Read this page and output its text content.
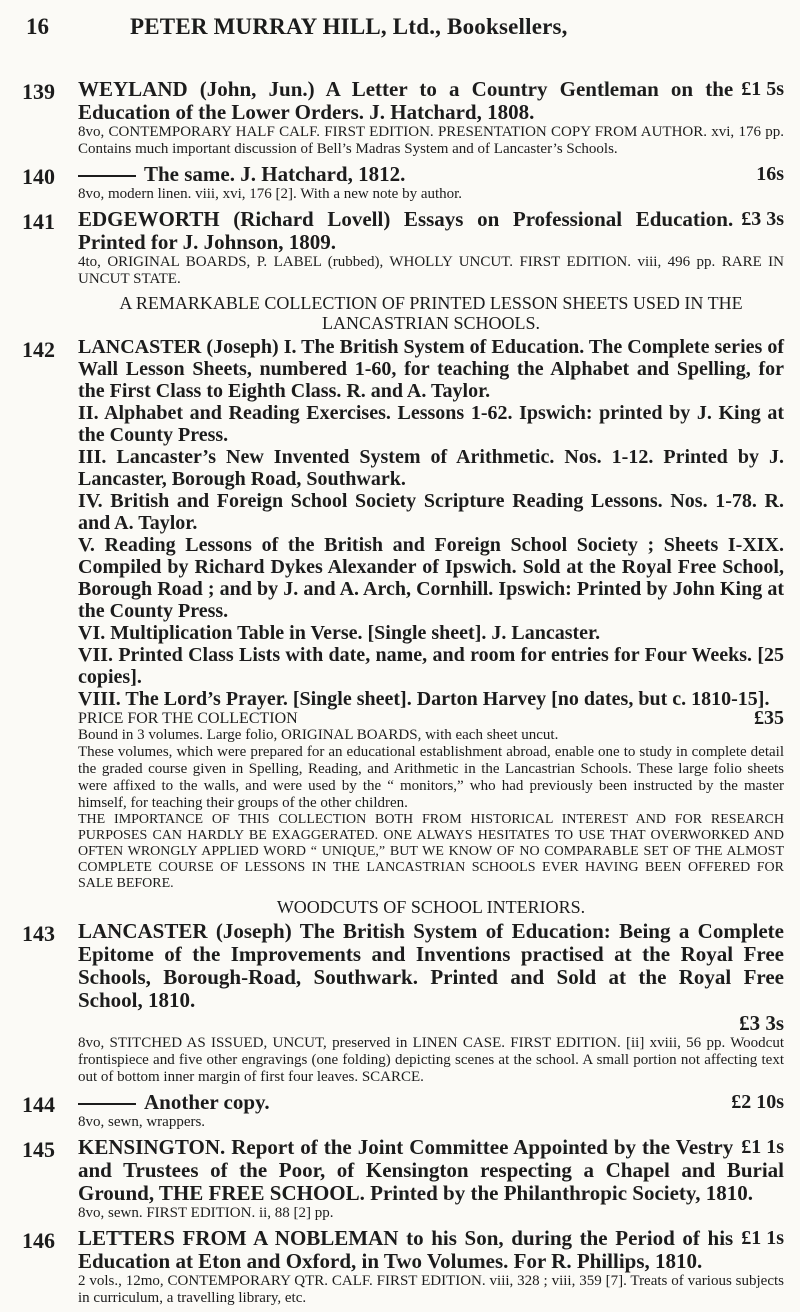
16	PETER MURRAY HILL, Ltd., Booksellers,
139	£1 5s
WEYLAND (John, Jun.) A Letter to a Country Gentleman on the Education of the Lower Orders. J. Hatchard, 1808.
8vo, CONTEMPORARY HALF CALF. FIRST EDITION. PRESENTATION COPY FROM AUTHOR. xvi, 176 pp. Contains much important discussion of Bell’s Madras System and of Lancaster’s Schools.
140	16s
The same. J. Hatchard, 1812.
8vo, modern linen. viii, xvi, 176 [2]. With a new note by author.
141	£3 3s
EDGEWORTH (Richard Lovell) Essays on Professional Education. Printed for J. Johnson, 1809.
4to, ORIGINAL BOARDS, P. LABEL (rubbed), WHOLLY UNCUT. FIRST EDITION. viii, 496 pp. RARE IN UNCUT STATE.
A REMARKABLE COLLECTION OF PRINTED LESSON SHEETS USED IN THE LANCASTRIAN SCHOOLS.
142 LANCASTER (Joseph) I. The British System of Education. The Complete series of Wall Lesson Sheets, numbered 1-60, for teaching the Alphabet and Spelling, for the First Class to Eighth Class. R. and A. Taylor.
II. Alphabet and Reading Exercises. Lessons 1-62. Ipswich: printed by J. King at the County Press.
III. Lancaster’s New Invented System of Arithmetic. Nos. 1-12. Printed by J. Lancaster, Borough Road, Southwark.
IV. British and Foreign School Society Scripture Reading Lessons. Nos. 1-78. R. and A. Taylor.
V. Reading Lessons of the British and Foreign School Society ; Sheets I-XIX. Compiled by Richard Dykes Alexander of Ipswich. Sold at the Royal Free School, Borough Road ; and by J. and A. Arch, Cornhill. Ipswich: Printed by John King at the County Press.
VI. Multiplication Table in Verse. [Single sheet]. J. Lancaster.
VII. Printed Class Lists with date, name, and room for entries for Four Weeks. [25 copies].
VIII. The Lord’s Prayer. [Single sheet]. Darton Harvey [no dates, but c. 1810-15].
£35
PRICE FOR THE COLLECTION
Bound in 3 volumes. Large folio, ORIGINAL BOARDS, with each sheet uncut.
These volumes, which were prepared for an educational establishment abroad, enable one to study in complete detail the graded course given in Spelling, Reading, and Arithmetic in the Lancastrian Schools. These large folio sheets were affixed to the walls, and were used by the “ monitors,” who had previously been instructed by the master himself, for teaching their groups of the other children.
THE IMPORTANCE OF THIS COLLECTION BOTH FROM HISTORICAL INTEREST AND FOR RESEARCH PURPOSES CAN HARDLY BE EXAGGERATED. ONE ALWAYS HESITATES TO USE THAT OVERWORKED AND OFTEN WRONGLY APPLIED WORD “ UNIQUE,” BUT WE KNOW OF NO COMPARABLE SET OF THE ALMOST COMPLETE COURSE OF LESSONS IN THE LANCASTRIAN SCHOOLS EVER HAVING BEEN OFFERED FOR SALE BEFORE.
WOODCUTS OF SCHOOL INTERIORS.
143 LANCASTER (Joseph) The British System of Education: Being a Complete Epitome of the Improvements and Inventions practised at the Royal Free Schools, Borough-Road, Southwark. Printed and Sold at the Royal Free School, 1810.
£3 3s
8vo, STITCHED AS ISSUED, UNCUT, preserved in LINEN CASE. FIRST EDITION. [ii] xviii, 56 pp. Woodcut frontispiece and five other engravings (one folding) depicting scenes at the school. A small portion not affecting text out of bottom inner margin of first four leaves. SCARCE.
144	£2 10s
Another copy.
8vo, sewn, wrappers.
145	£1 1s
KENSINGTON. Report of the Joint Committee Appointed by the Vestry and Trustees of the Poor, of Kensington respecting a Chapel and Burial Ground, THE FREE SCHOOL. Printed by the Philanthropic Society, 1810.
8vo, sewn. FIRST EDITION. ii, 88 [2] pp.
146	£1 1s
LETTERS FROM A NOBLEMAN to his Son, during the Period of his Education at Eton and Oxford, in Two Volumes. For R. Phillips, 1810.
2 vols., 12mo, CONTEMPORARY QTR. CALF. FIRST EDITION. viii, 328 ; viii, 359 [7]. Treats of various subjects in curriculum, a travelling library, etc.
